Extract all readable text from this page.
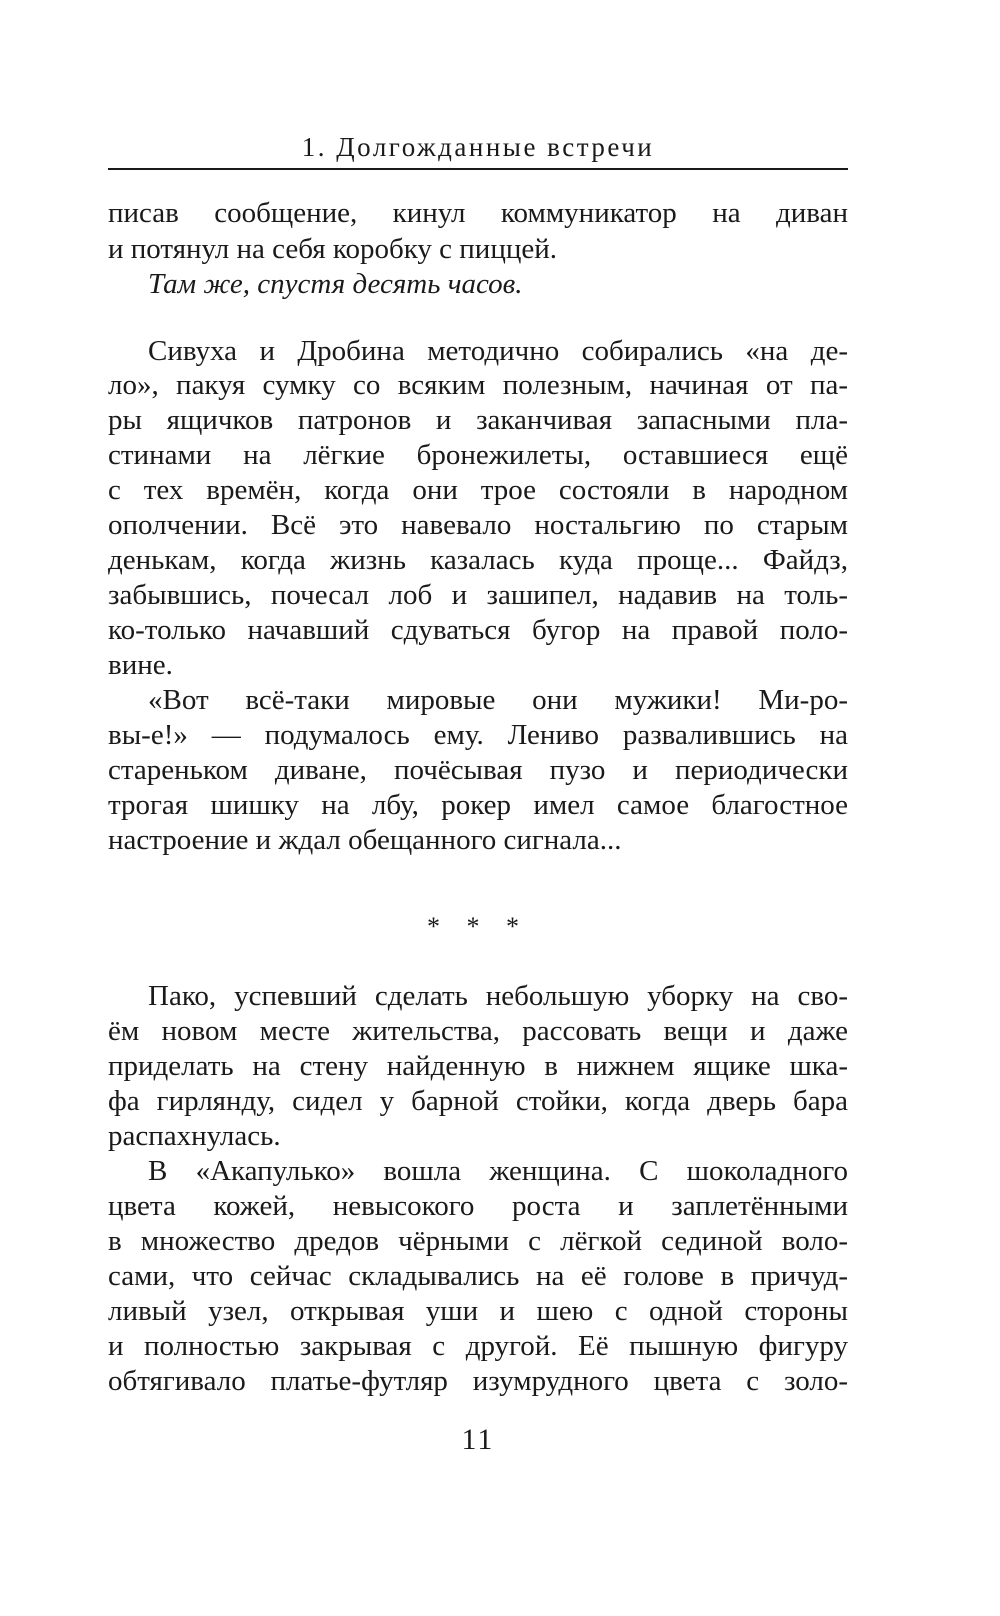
1. Долгожданные встречи
писав сообщение, кинул коммуникатор на диван
и потянул на себя коробку с пиццей.
Там же, спустя десять часов.
Сивуха и Дробина методично собирались «на де-
ло», пакуя сумку со всяким полезным, начиная от па-
ры ящичков патронов и заканчивая запасными пла-
стинами на лёгкие бронежилеты, оставшиеся ещё
с тех времён, когда они трое состояли в народном
ополчении. Всё это навевало ностальгию по старым
денькам, когда жизнь казалась куда проще... Файдз,
забывшись, почесал лоб и зашипел, надавив на толь-
ко-только начавший сдуваться бугор на правой поло-
вине.
«Вот всё-таки мировые они мужики! Ми-ро-
вы-е!» — подумалось ему. Лениво развалившись на
стареньком диване, почёсывая пузо и периодически
трогая шишку на лбу, рокер имел самое благостное
настроение и ждал обещанного сигнала...
* * *
Пако, успевший сделать небольшую уборку на сво-
ём новом месте жительства, рассовать вещи и даже
приделать на стену найденную в нижнем ящике шка-
фа гирлянду, сидел у барной стойки, когда дверь бара
распахнулась.
В «Акапулько» вошла женщина. С шоколадного
цвета кожей, невысокого роста и заплетёнными
в множество дредов чёрными с лёгкой сединой воло-
сами, что сейчас складывались на её голове в причуд-
ливый узел, открывая уши и шею с одной стороны
и полностью закрывая с другой. Её пышную фигуру
обтягивало платье-футляр изумрудного цвета с золо-
11
